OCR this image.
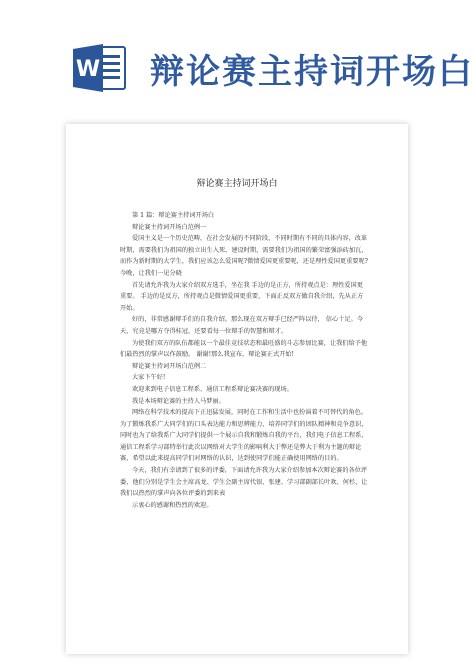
W 辩论赛主持词开场白
辩论赛主持词开场白

第 1 篇：辩论赛主持词开场白

辩论赛主持词开场白范例一

爱国主义是一个历史范畴，在社会发展的不同阶段，不同时期有不同的具体内容，改革时期，需要我们为祖国的独立出生入死，建设时期，需要我们为祖国的繁荣富强添砖加瓦，而作为新时期的大学生，我们应该怎么爱国呢?微情爱国更重要呢，还是理性爱国更重要呢?今晚，让我们一见分晓

首先请允许我为大家介绍双方选手，坐在我 手边的是正方，所持观点是：理性爱国更重要。 手边的是反方，所持观点是微情爱国更重要，下面正反双方做自我介绍，先从正方开始。

好的，非常感谢辩手们的自我介绍。那么现在双方辩手已经严阵以待， 信心十足。今天，究竟是哪方夺得桂冠，还要看每一位辩手的智慧和辩才。

为使我们双方的队伍都能以一个最佳竞技状态和最旺盛的斗志参加比赛，让我们给予他们最热烈的掌声以作鼓励。 谢谢!那么我宣布，辩论赛正式开始!

辩论赛主持词开场白范例二

大家下午好!

欢迎来到电子信息工程系、通信工程系辩论赛决赛的现场。

我是本场辩论赛的主持人马梦丽。

网络在科学技术的提高下正迅猛发展，同时在工作和生活中也扮演着不可替代的角色。为了锻炼我系广大同学们的口头表达能力和思辨能力，培养同学们的团队精神和竞争意识，同时也为了给我系广大同学们提供一个展示自我和锻炼自我的平台，我们电子信息工程系、通信工程系学习部特举行此次以网络对大学生的影响利大于弊还是弊大于利为主题的辩论赛，希望以此来提高同学们对网络的认识，达到使同学们能正确使用网络的目的。

今天，我们有幸请到了很多的评委，下面请允许我为大家介绍参加本次辩论赛的各位评委，他们分别是学生会主席高龙、学生会副主席代银、张建、学习部副部长叶欢、何杉，让我们以热烈的掌声向各位评委的到来表

示衷心的感谢和热烈的欢迎。
